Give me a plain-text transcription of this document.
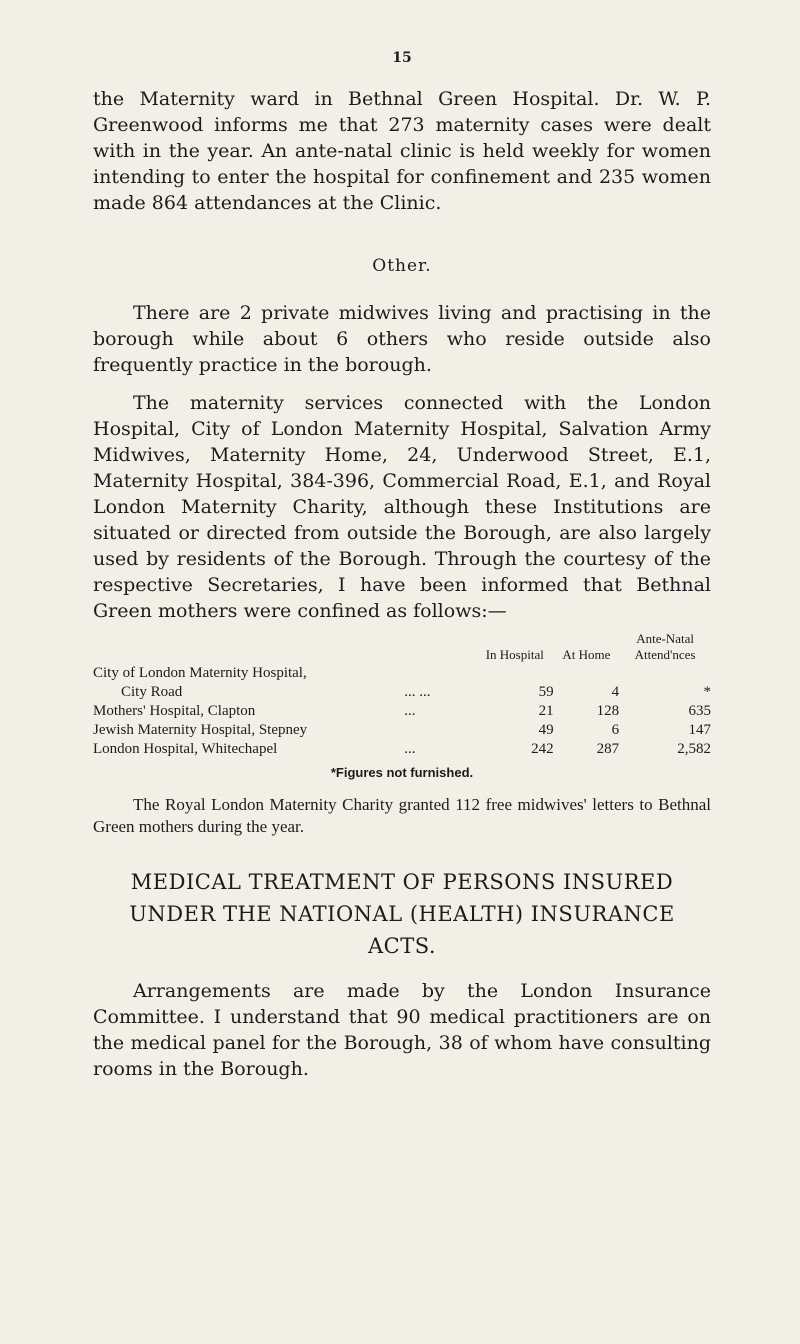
15

the Maternity ward in Bethnal Green Hospital. Dr. W. P. Greenwood informs me that 273 maternity cases were dealt with in the year. An ante-natal clinic is held weekly for women intending to enter the hospital for confinement and 235 women made 864 attendances at the Clinic.

Other.

There are 2 private midwives living and practising in the borough while about 6 others who reside outside also frequently practice in the borough.

The maternity services connected with the London Hospital, City of London Maternity Hospital, Salvation Army Midwives, Maternity Home, 24, Underwood Street, E.1, Maternity Hospital, 384-396, Commercial Road, E.1, and Royal London Maternity Charity, although these Institutions are situated or directed from outside the Borough, are also largely used by residents of the Borough. Through the courtesy of the respective Secretaries, I have been informed that Bethnal Green mothers were confined as follows:—

		In Hospital	At Home	Ante-Natal Attend'nces
City of London Maternity Hospital,				
City Road	... ...	59	4	*
Mothers' Hospital, Clapton	...	21	128	635
Jewish Maternity Hospital, Stepney		49	6	147
London Hospital, Whitechapel	...	242	287	2,582
*Figures not furnished.

The Royal London Maternity Charity granted 112 free midwives' letters to Bethnal Green mothers during the year.

MEDICAL TREATMENT OF PERSONS INSURED UNDER THE NATIONAL (HEALTH) INSURANCE ACTS.

Arrangements are made by the London Insurance Committee. I understand that 90 medical practitioners are on the medical panel for the Borough, 38 of whom have consulting rooms in the Borough.
